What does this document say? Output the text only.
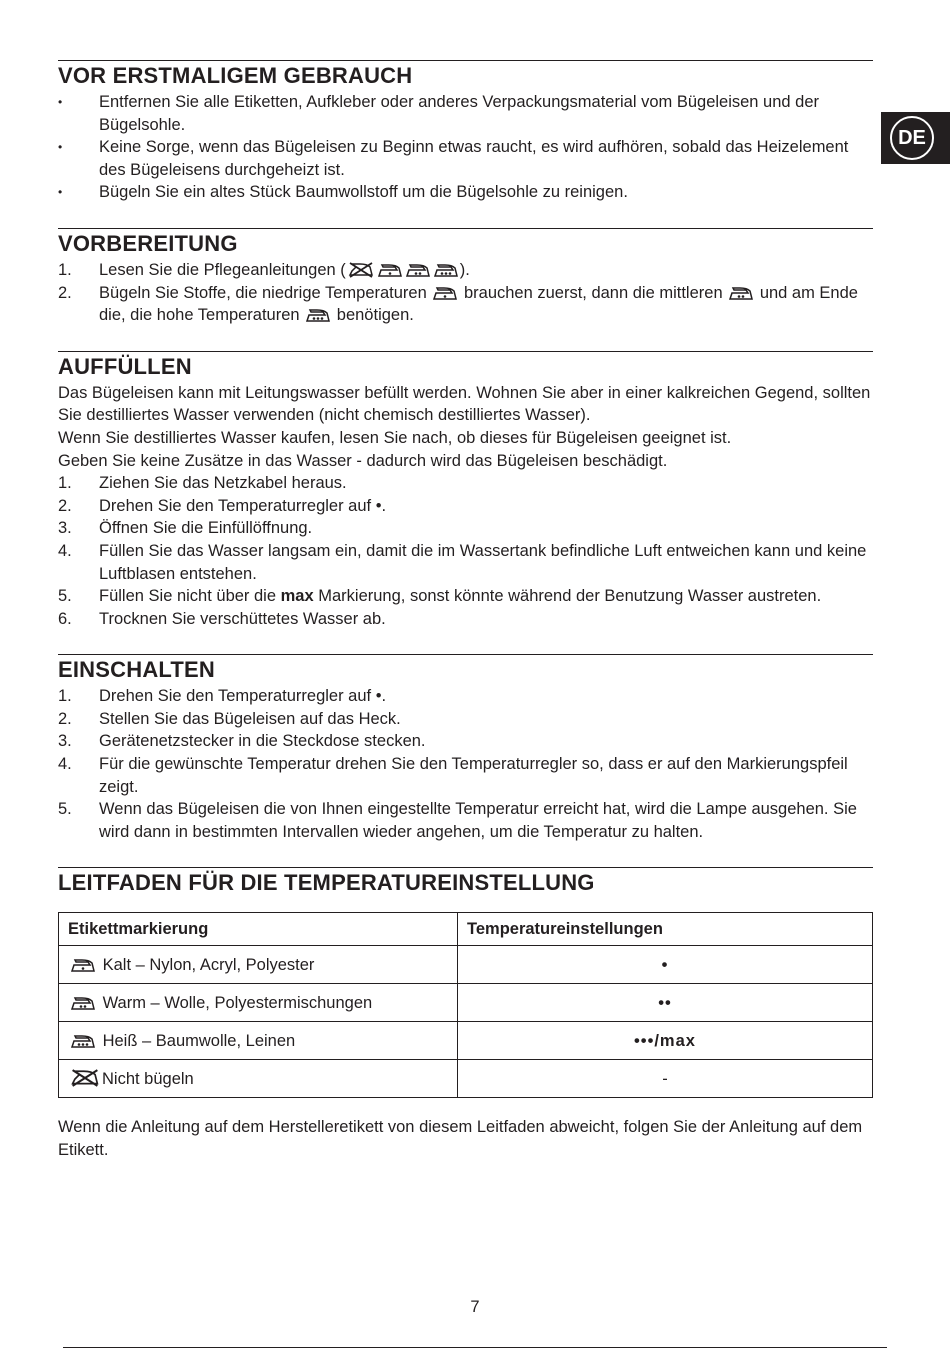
DE
VOR ERSTMALIGEM GEBRAUCH
• Entfernen Sie alle Etiketten, Aufkleber oder anderes Verpackungsmaterial vom Bügeleisen und der Bügelsohle.
• Keine Sorge, wenn das Bügeleisen zu Beginn etwas raucht, es wird aufhören, sobald das Heizelement des Bügeleisens durchgeheizt ist.
• Bügeln Sie ein altes Stück Baumwollstoff um die Bügelsohle zu reinigen.
VORBEREITUNG
1. Lesen Sie die Pflegeanleitungen (	).
2. Bügeln Sie Stoffe, die niedrige Temperaturen brauchen zuerst, dann die mittleren und am Ende die, die hohe Temperaturen benötigen.
AUFFÜLLEN

Das Bügeleisen kann mit Leitungswasser befüllt werden. Wohnen Sie aber in einer kalkreichen Gegend, sollten Sie destilliertes Wasser verwenden (nicht chemisch destilliertes Wasser).

Wenn Sie destilliertes Wasser kaufen, lesen Sie nach, ob dieses für Bügeleisen geeignet ist.

Geben Sie keine Zusätze in das Wasser - dadurch wird das Bügeleisen beschädigt.

1. Ziehen Sie das Netzkabel heraus.
2. Drehen Sie den Temperaturregler auf •.
3. Öffnen Sie die Einfüllöffnung.
4. Füllen Sie das Wasser langsam ein, damit die im Wassertank befindliche Luft entweichen kann und keine Luftblasen entstehen.
5. Füllen Sie nicht über die max Markierung, sonst könnte während der Benutzung Wasser austreten.
6. Trocknen Sie verschüttetes Wasser ab.
EINSCHALTEN
1. Drehen Sie den Temperaturregler auf •.
2. Stellen Sie das Bügeleisen auf das Heck.
3. Gerätenetzstecker in die Steckdose stecken.
4. Für die gewünschte Temperatur drehen Sie den Temperaturregler so, dass er auf den Markierungspfeil zeigt.
5. Wenn das Bügeleisen die von Ihnen eingestellte Temperatur erreicht hat, wird die Lampe ausgehen. Sie wird dann in bestimmten Intervallen wieder angehen, um die Temperatur zu halten.
LEITFADEN FÜR DIE TEMPERATUREINSTELLUNG
Etikettmarkierung	Temperatureinstellungen
Kalt – Nylon, Acryl, Polyester	•
Warm – Wolle, Polyestermischungen	••
Heiß – Baumwolle, Leinen	•••/max
Nicht bügeln	-

Wenn die Anleitung auf dem Herstelleretikett von diesem Leitfaden abweicht, folgen Sie der Anleitung auf dem Etikett.

7
